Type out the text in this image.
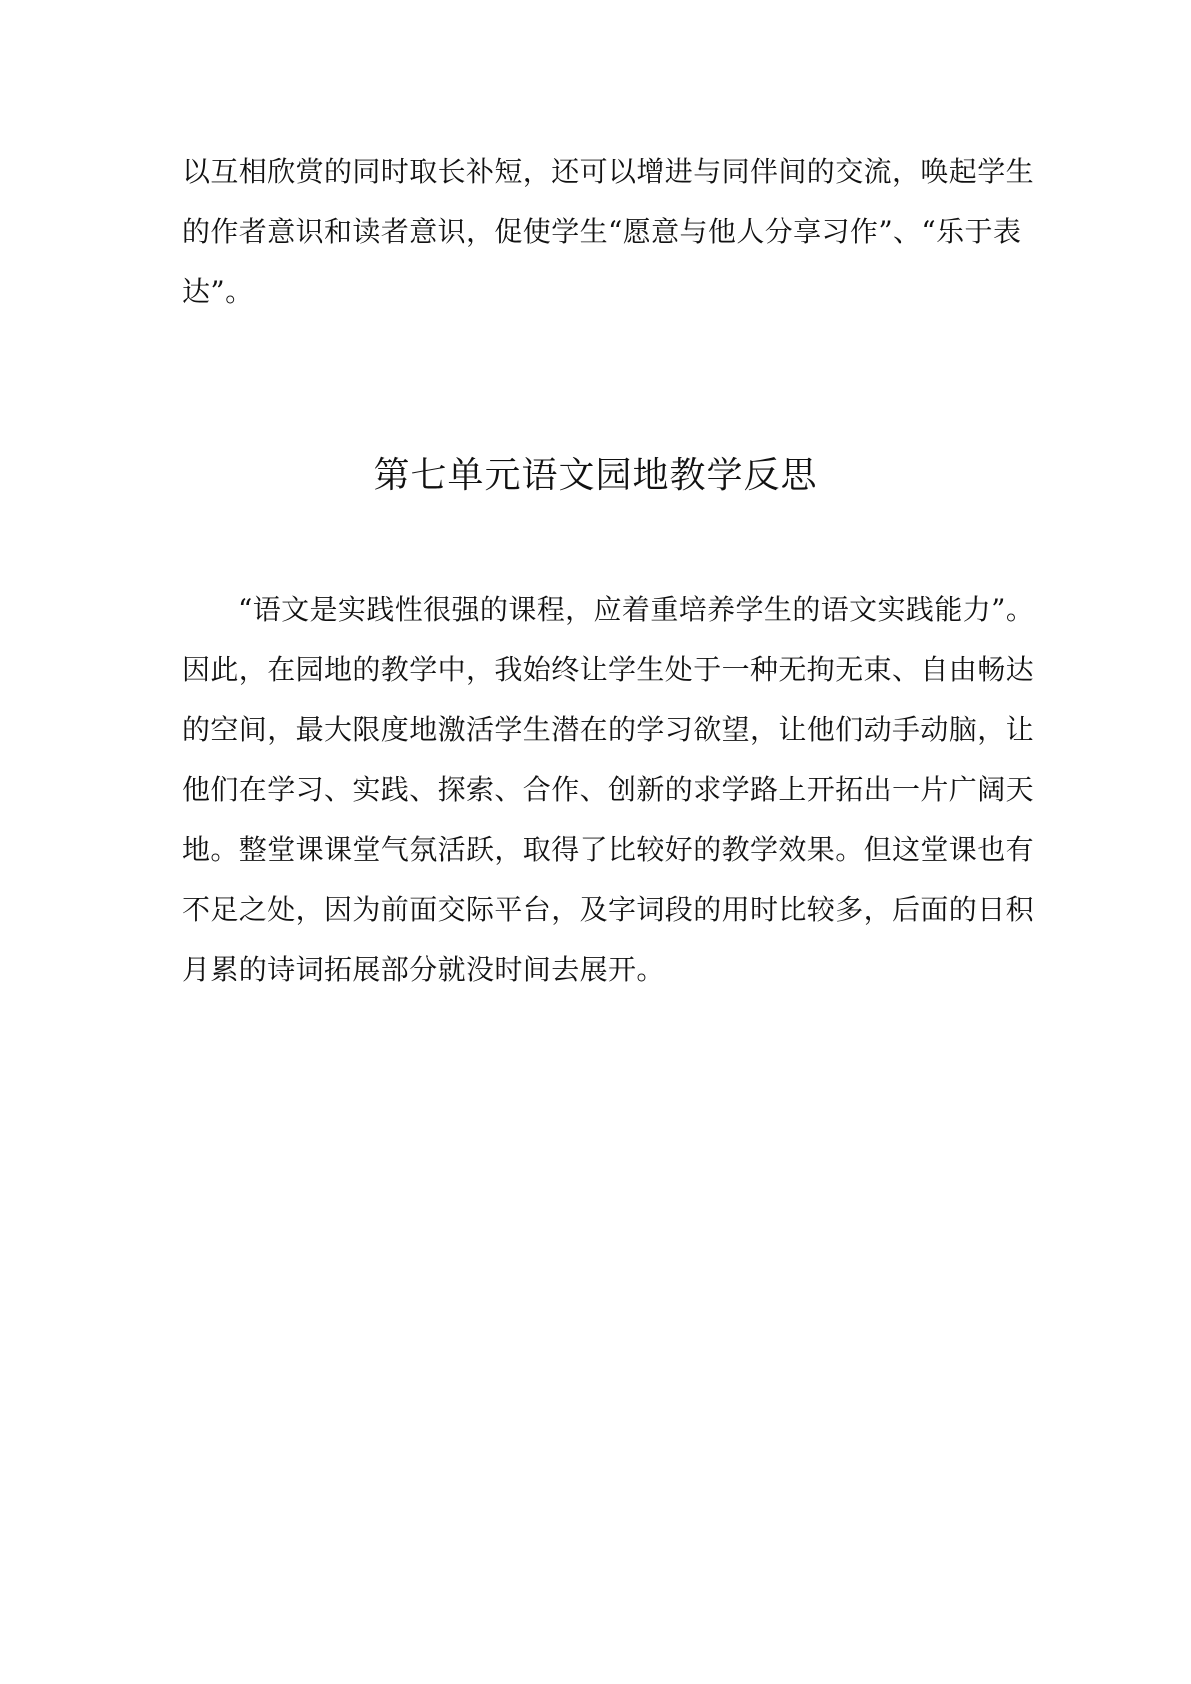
以互相欣赏的同时取长补短，还可以增进与同伴间的交流，唤起学生
的作者意识和读者意识，促使学生“愿意与他人分享习作”、“乐于表
达”。

第七单元语文园地教学反思

“语文是实践性很强的课程，应着重培养学生的语文实践能力”。
因此，在园地的教学中，我始终让学生处于一种无拘无束、自由畅达
的空间，最大限度地激活学生潜在的学习欲望，让他们动手动脑，让
他们在学习、实践、探索、合作、创新的求学路上开拓出一片广阔天
地。整堂课课堂气氛活跃，取得了比较好的教学效果。但这堂课也有
不足之处，因为前面交际平台，及字词段的用时比较多，后面的日积
月累的诗词拓展部分就没时间去展开。
